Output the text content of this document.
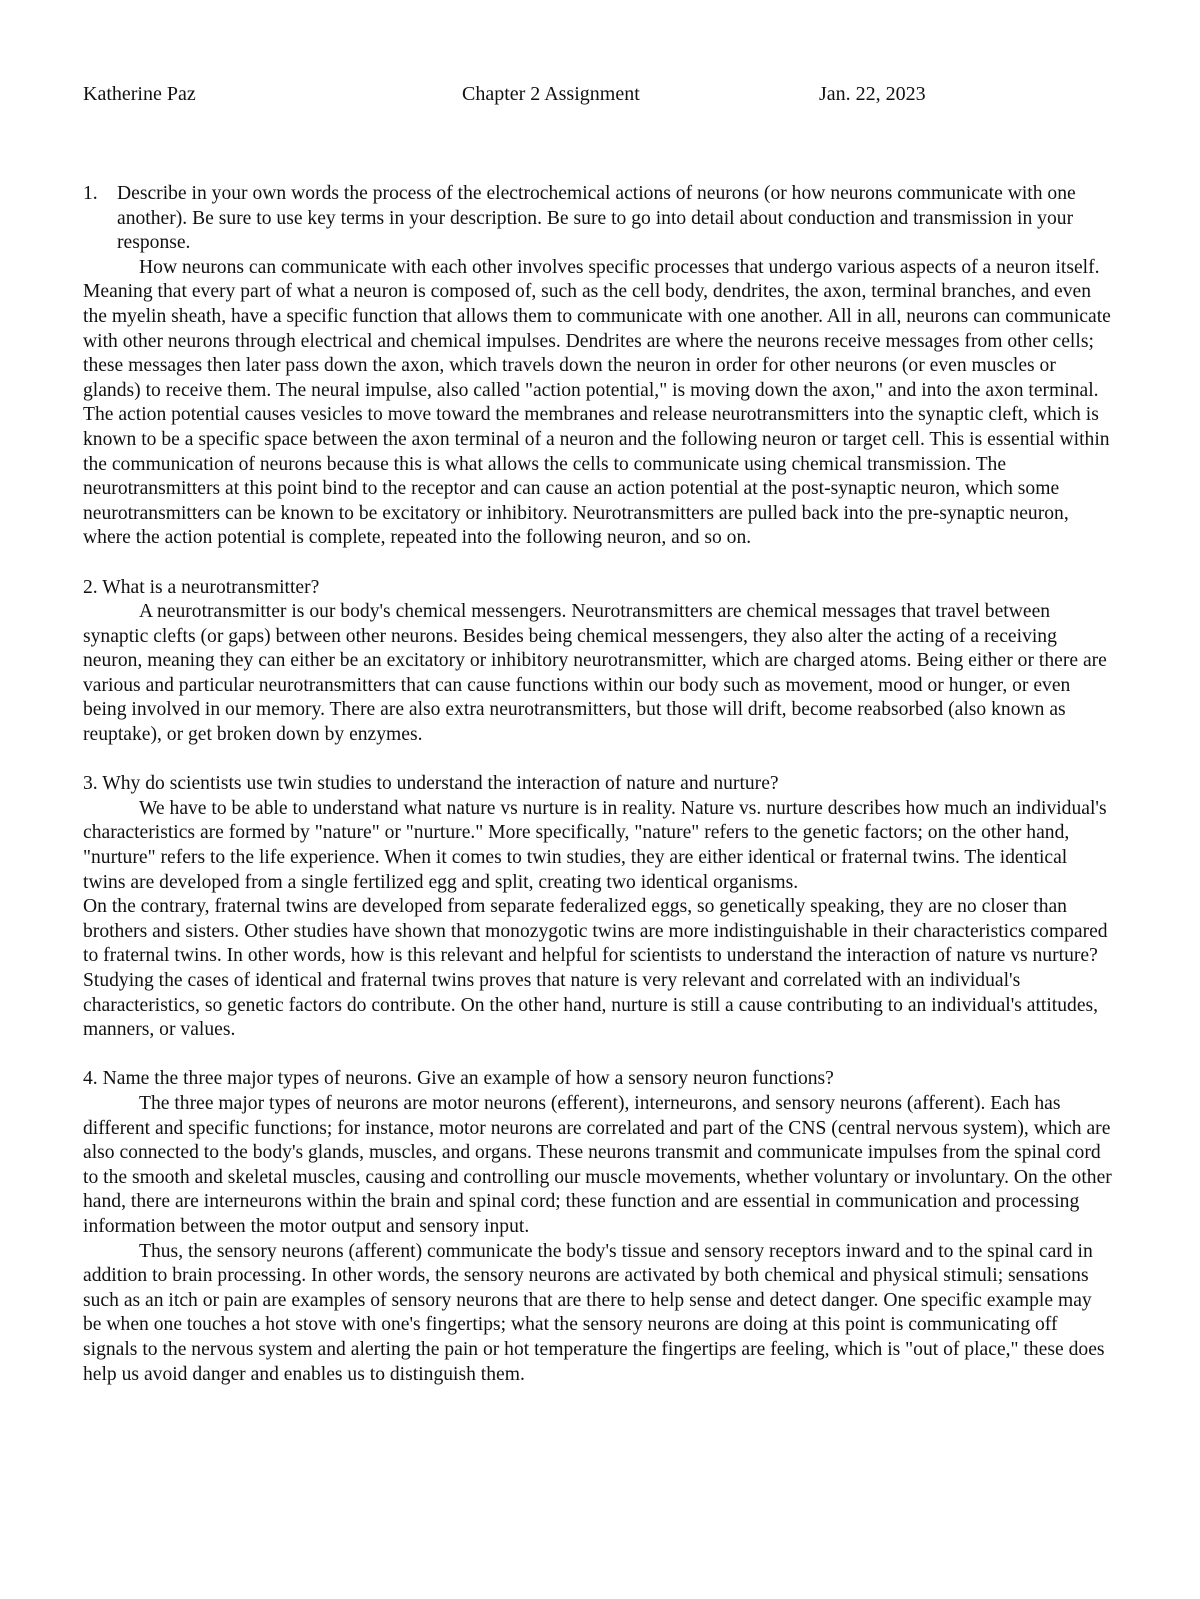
Katherine Paz	Chapter 2 Assignment	Jan. 22, 2023
1. Describe in your own words the process of the electrochemical actions of neurons (or how neurons communicate with one another). Be sure to use key terms in your description. Be sure to go into detail about conduction and transmission in your response.

How neurons can communicate with each other involves specific processes that undergo various aspects of a neuron itself. Meaning that every part of what a neuron is composed of, such as the cell body, dendrites, the axon, terminal branches, and even the myelin sheath, have a specific function that allows them to communicate with one another. All in all, neurons can communicate with other neurons through electrical and chemical impulses. Dendrites are where the neurons receive messages from other cells; these messages then later pass down the axon, which travels down the neuron in order for other neurons (or even muscles or glands) to receive them. The neural impulse, also called "action potential," is moving down the axon," and into the axon terminal. The action potential causes vesicles to move toward the membranes and release neurotransmitters into the synaptic cleft, which is known to be a specific space between the axon terminal of a neuron and the following neuron or target cell. This is essential within the communication of neurons because this is what allows the cells to communicate using chemical transmission. The neurotransmitters at this point bind to the receptor and can cause an action potential at the post-synaptic neuron, which some neurotransmitters can be known to be excitatory or inhibitory. Neurotransmitters are pulled back into the pre-synaptic neuron, where the action potential is complete, repeated into the following neuron, and so on.

2. What is a neurotransmitter?

A neurotransmitter is our body's chemical messengers. Neurotransmitters are chemical messages that travel between synaptic clefts (or gaps) between other neurons. Besides being chemical messengers, they also alter the acting of a receiving neuron, meaning they can either be an excitatory or inhibitory neurotransmitter, which are charged atoms. Being either or there are various and particular neurotransmitters that can cause functions within our body such as movement, mood or hunger, or even being involved in our memory. There are also extra neurotransmitters, but those will drift, become reabsorbed (also known as reuptake), or get broken down by enzymes.

3. Why do scientists use twin studies to understand the interaction of nature and nurture?

We have to be able to understand what nature vs nurture is in reality. Nature vs. nurture describes how much an individual's characteristics are formed by "nature" or "nurture." More specifically, "nature" refers to the genetic factors; on the other hand, "nurture" refers to the life experience. When it comes to twin studies, they are either identical or fraternal twins. The identical twins are developed from a single fertilized egg and split, creating two identical organisms.

On the contrary, fraternal twins are developed from separate federalized eggs, so genetically speaking, they are no closer than brothers and sisters. Other studies have shown that monozygotic twins are more indistinguishable in their characteristics compared to fraternal twins. In other words, how is this relevant and helpful for scientists to understand the interaction of nature vs nurture? Studying the cases of identical and fraternal twins proves that nature is very relevant and correlated with an individual's characteristics, so genetic factors do contribute. On the other hand, nurture is still a cause contributing to an individual's attitudes, manners, or values.

4. Name the three major types of neurons. Give an example of how a sensory neuron functions?

The three major types of neurons are motor neurons (efferent), interneurons, and sensory neurons (afferent). Each has different and specific functions; for instance, motor neurons are correlated and part of the CNS (central nervous system), which are also connected to the body's glands, muscles, and organs. These neurons transmit and communicate impulses from the spinal cord to the smooth and skeletal muscles, causing and controlling our muscle movements, whether voluntary or involuntary. On the other hand, there are interneurons within the brain and spinal cord; these function and are essential in communication and processing information between the motor output and sensory input.

Thus, the sensory neurons (afferent) communicate the body's tissue and sensory receptors inward and to the spinal card in addition to brain processing. In other words, the sensory neurons are activated by both chemical and physical stimuli; sensations such as an itch or pain are examples of sensory neurons that are there to help sense and detect danger. One specific example may be when one touches a hot stove with one's fingertips; what the sensory neurons are doing at this point is communicating off signals to the nervous system and alerting the pain or hot temperature the fingertips are feeling, which is "out of place," these does help us avoid danger and enables us to distinguish them.
